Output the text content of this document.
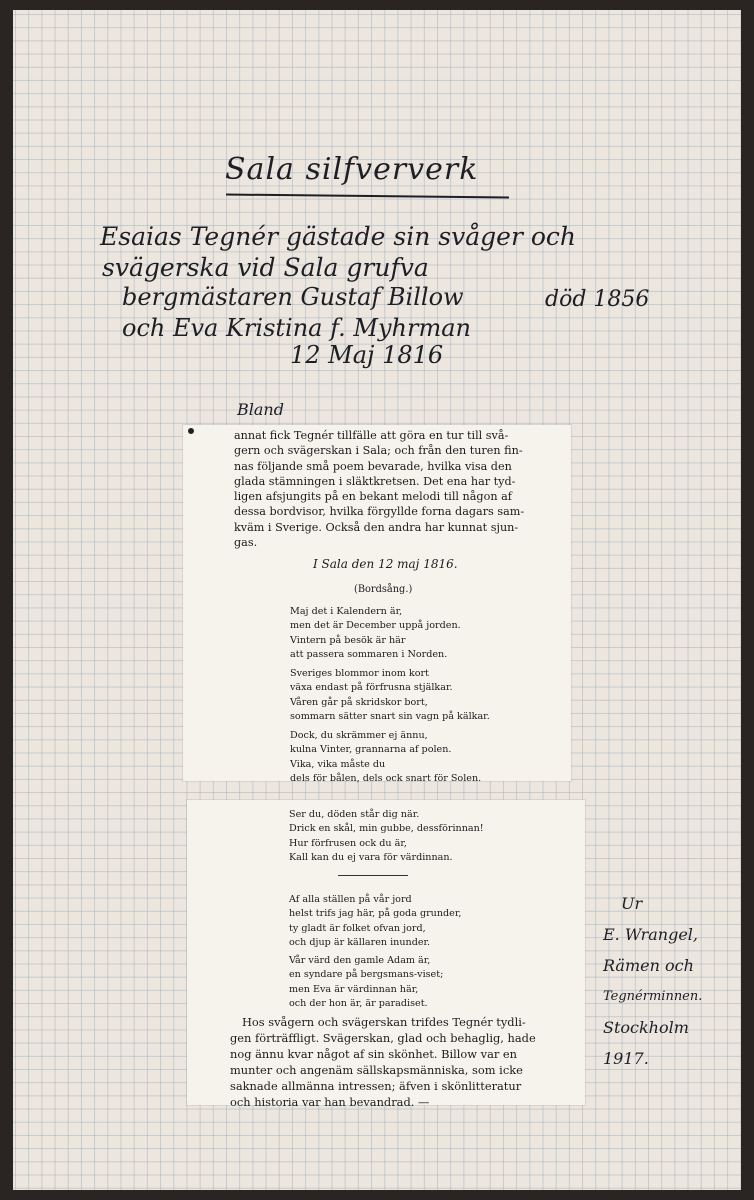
Sala silfververk
Esaias Tegnér gästade sin svåger och
svägerska vid Sala grufva
bergmästaren Gustaf Billow	död 1856
och Eva Kristina f. Myhrman
12 Maj 1816
Bland
annat fick Tegnér tillfälle att göra en tur till svå-
gern och svägerskan i Sala; och från den turen fin-
nas följande små poem bevarade, hvilka visa den
glada stämningen i släktkretsen. Det ena har tyd-
ligen afsjungits på en bekant melodi till någon af
dessa bordvisor, hvilka förgyllde forna dagars sam-
kväm i Sverige. Också den andra har kunnat sjun-
gas.
I Sala den 12 maj 1816.
(Bordsång.)
Maj det i Kalendern är,
men det är December uppå jorden.
Vintern på besök är här
att passera sommaren i Norden.
Sveriges blommor inom kort
växa endast på förfrusna stjälkar.
Våren går på skridskor bort,
sommarn sätter snart sin vagn på kälkar.
Dock, du skrämmer ej ännu,
kulna Vinter, grannarna af polen.
Vika, vika måste du
dels för bålen, dels ock snart för Solen.
Ser du, döden står dig när.
Drick en skål, min gubbe, dessförinnan!
Hur förfrusen ock du är,
Kall kan du ej vara för värdinnan.
Af alla ställen på vår jord
helst trifs jag här, på goda grunder,
ty gladt är folket ofvan jord,
och djup är källaren inunder.
Vår värd den gamle Adam är,
en syndare på bergsmans-viset;
men Eva är värdinnan här,
och der hon är, är paradiset.
Hos svågern och svägerskan trifdes Tegnér tydli-
gen förträffligt. Svägerskan, glad och behaglig, hade
nog ännu kvar något af sin skönhet. Billow var en
munter och angenäm sällskapsmänniska, som icke
saknade allmänna intressen; äfven i skönlitteratur
och historia var han bevandrad. —
Ur
E. Wrangel,
Rämen och
Tegnérminnen.
Stockholm
1917.
